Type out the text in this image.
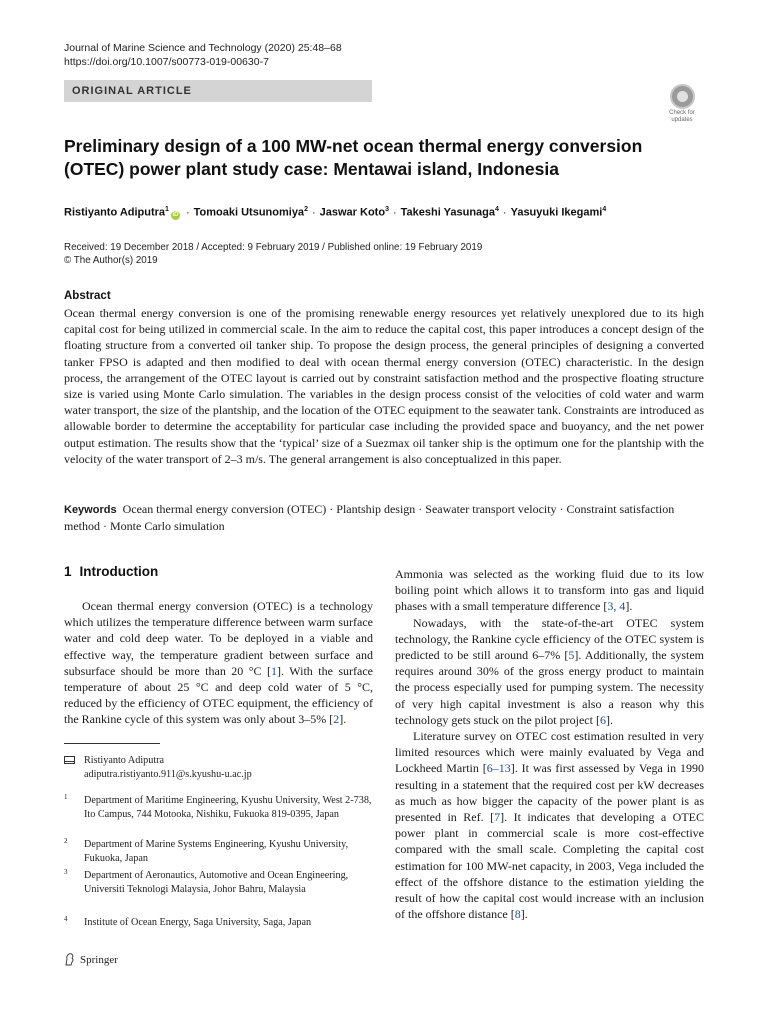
Journal of Marine Science and Technology (2020) 25:48–68
https://doi.org/10.1007/s00773-019-00630-7
ORIGINAL ARTICLE
Check for
updates
Preliminary design of a 100 MW-net ocean thermal energy conversion (OTEC) power plant study case: Mentawai island, Indonesia
Ristiyanto Adiputra$^1$iD · Tomoaki Utsunomiya$^2$ · Jaswar Koto$^3$ · Takeshi Yasunaga$^4$ · Yasuyuki Ikegami$^4$
Received: 19 December 2018 / Accepted: 9 February 2019 / Published online: 19 February 2019
© The Author(s) 2019
Abstract

Ocean thermal energy conversion is one of the promising renewable energy resources yet relatively unexplored due to its high capital cost for being utilized in commercial scale. In the aim to reduce the capital cost, this paper introduces a concept design of the floating structure from a converted oil tanker ship. To propose the design process, the general principles of designing a converted tanker FPSO is adapted and then modified to deal with ocean thermal energy conversion (OTEC) characteristic. In the design process, the arrangement of the OTEC layout is carried out by constraint satisfaction method and the prospective floating structure size is varied using Monte Carlo simulation. The variables in the design process consist of the velocities of cold water and warm water transport, the size of the plantship, and the location of the OTEC equipment to the seawater tank. Constraints are introduced as allowable border to determine the acceptability for particular case including the provided space and buoyancy, and the net power output estimation. The results show that the ‘typical’ size of a Suezmax oil tanker ship is the optimum one for the plantship with the velocity of the water transport of 2–3 m/s. The general arrangement is also conceptualized in this paper.

Keywords Ocean thermal energy conversion (OTEC) · Plantship design · Seawater transport velocity · Constraint satisfaction method · Monte Carlo simulation

1 Introduction

Ocean thermal energy conversion (OTEC) is a technology which utilizes the temperature difference between warm surface water and cold deep water. To be deployed in a viable and effective way, the temperature gradient between surface and subsurface should be more than 20 °C [1]. With the surface temperature of about 25 °C and deep cold water of 5 °C, reduced by the efficiency of OTEC equipment, the efficiency of the Rankine cycle of this system was only about 3–5% [2].

Ristiyanto Adiputra
adiputra.ristiyanto.911@s.kyushu-u.ac.jp
1 Department of Maritime Engineering, Kyushu University, West 2-738, Ito Campus, 744 Motooka, Nishiku, Fukuoka 819-0395, Japan
2 Department of Marine Systems Engineering, Kyushu University, Fukuoka, Japan
3 Department of Aeronautics, Automotive and Ocean Engineering, Universiti Teknologi Malaysia, Johor Bahru, Malaysia
4 Institute of Ocean Energy, Saga University, Saga, Japan

Ammonia was selected as the working fluid due to its low boiling point which allows it to transform into gas and liquid phases with a small temperature difference [3, 4].

Nowadays, with the state-of-the-art OTEC system technology, the Rankine cycle efficiency of the OTEC system is predicted to be still around 6–7% [5]. Additionally, the system requires around 30% of the gross energy product to maintain the process especially used for pumping system. The necessity of very high capital investment is also a reason why this technology gets stuck on the pilot project [6].

Literature survey on OTEC cost estimation resulted in very limited resources which were mainly evaluated by Vega and Lockheed Martin [6–13]. It was first assessed by Vega in 1990 resulting in a statement that the required cost per kW decreases as much as how bigger the capacity of the power plant is as presented in Ref. [7]. It indicates that developing a OTEC power plant in commercial scale is more cost-effective compared with the small scale. Completing the capital cost estimation for 100 MW-net capacity, in 2003, Vega included the effect of the offshore distance to the estimation yielding the result of how the capital cost would increase with an inclusion of the offshore distance [8].

Springer
